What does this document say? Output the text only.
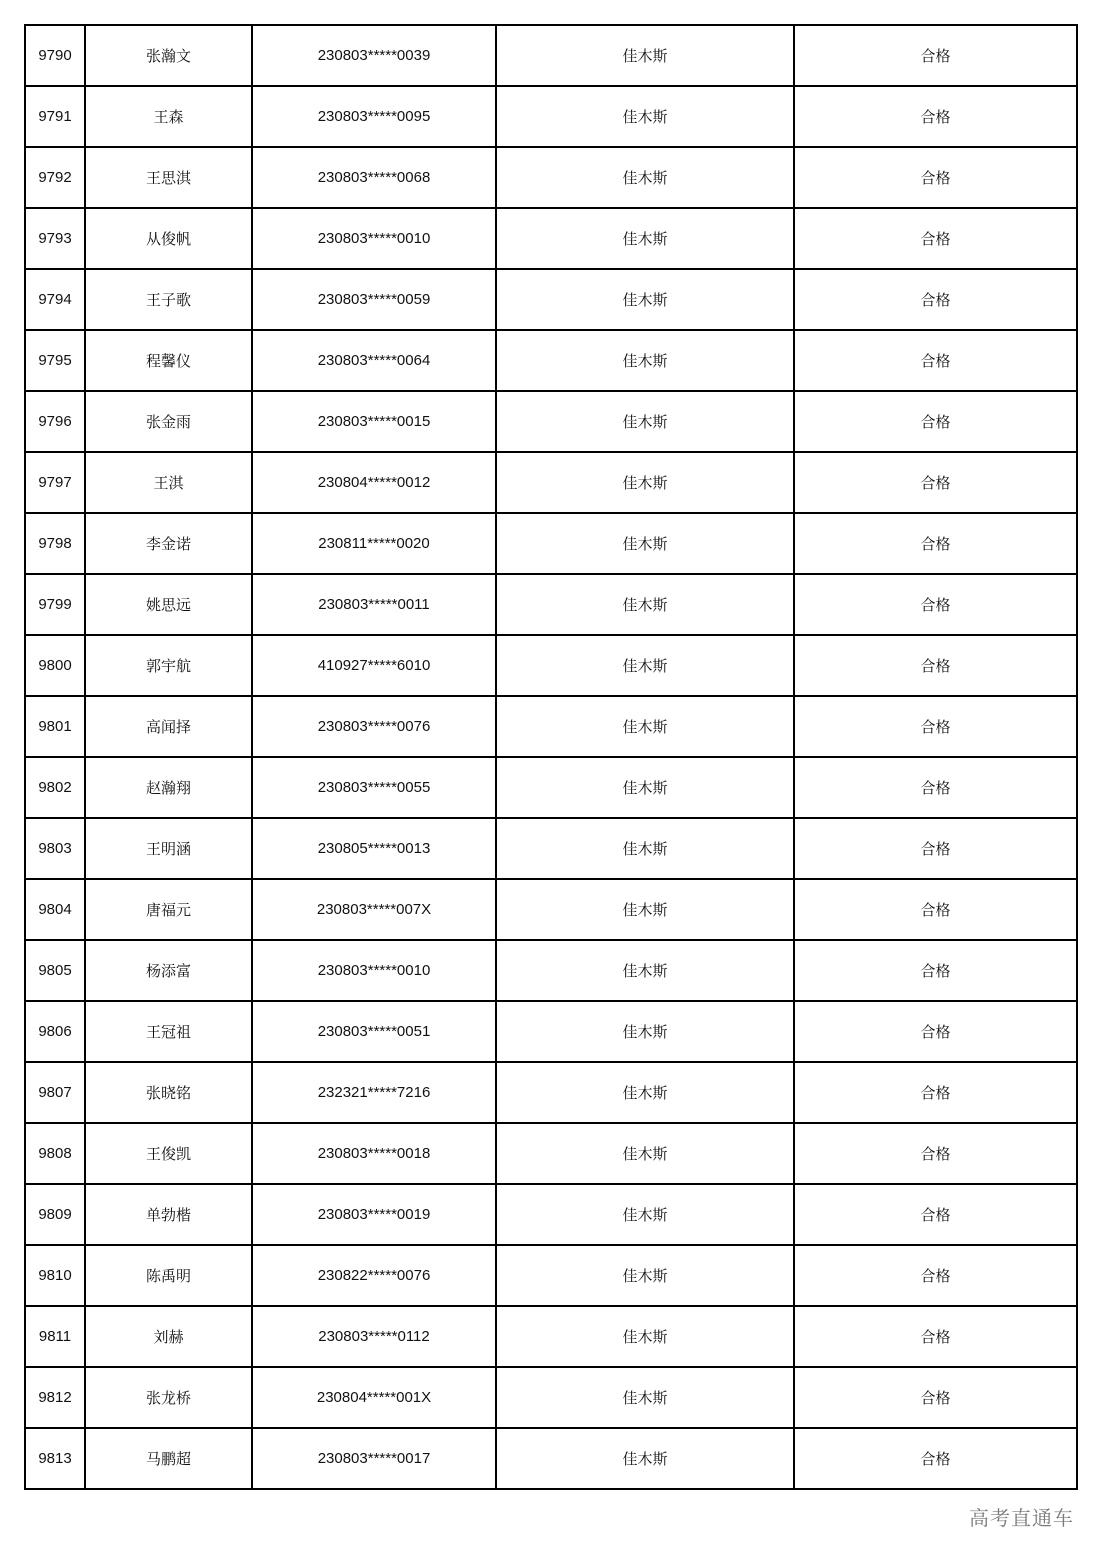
9790	张瀚文	230803*****0039	佳木斯	合格
9791	王森	230803*****0095	佳木斯	合格
9792	王思淇	230803*****0068	佳木斯	合格
9793	从俊帆	230803*****0010	佳木斯	合格
9794	王子歌	230803*****0059	佳木斯	合格
9795	程馨仪	230803*****0064	佳木斯	合格
9796	张金雨	230803*****0015	佳木斯	合格
9797	王淇	230804*****0012	佳木斯	合格
9798	李金诺	230811*****0020	佳木斯	合格
9799	姚思远	230803*****0011	佳木斯	合格
9800	郭宇航	410927*****6010	佳木斯	合格
9801	高闻择	230803*****0076	佳木斯	合格
9802	赵瀚翔	230803*****0055	佳木斯	合格
9803	王明涵	230805*****0013	佳木斯	合格
9804	唐福元	230803*****007X	佳木斯	合格
9805	杨添富	230803*****0010	佳木斯	合格
9806	王冠祖	230803*****0051	佳木斯	合格
9807	张晓铭	232321*****7216	佳木斯	合格
9808	王俊凯	230803*****0018	佳木斯	合格
9809	单勃楷	230803*****0019	佳木斯	合格
9810	陈禹明	230822*****0076	佳木斯	合格
9811	刘赫	230803*****0112	佳木斯	合格
9812	张龙桥	230804*****001X	佳木斯	合格
9813	马鹏超	230803*****0017	佳木斯	合格
高考直通车
